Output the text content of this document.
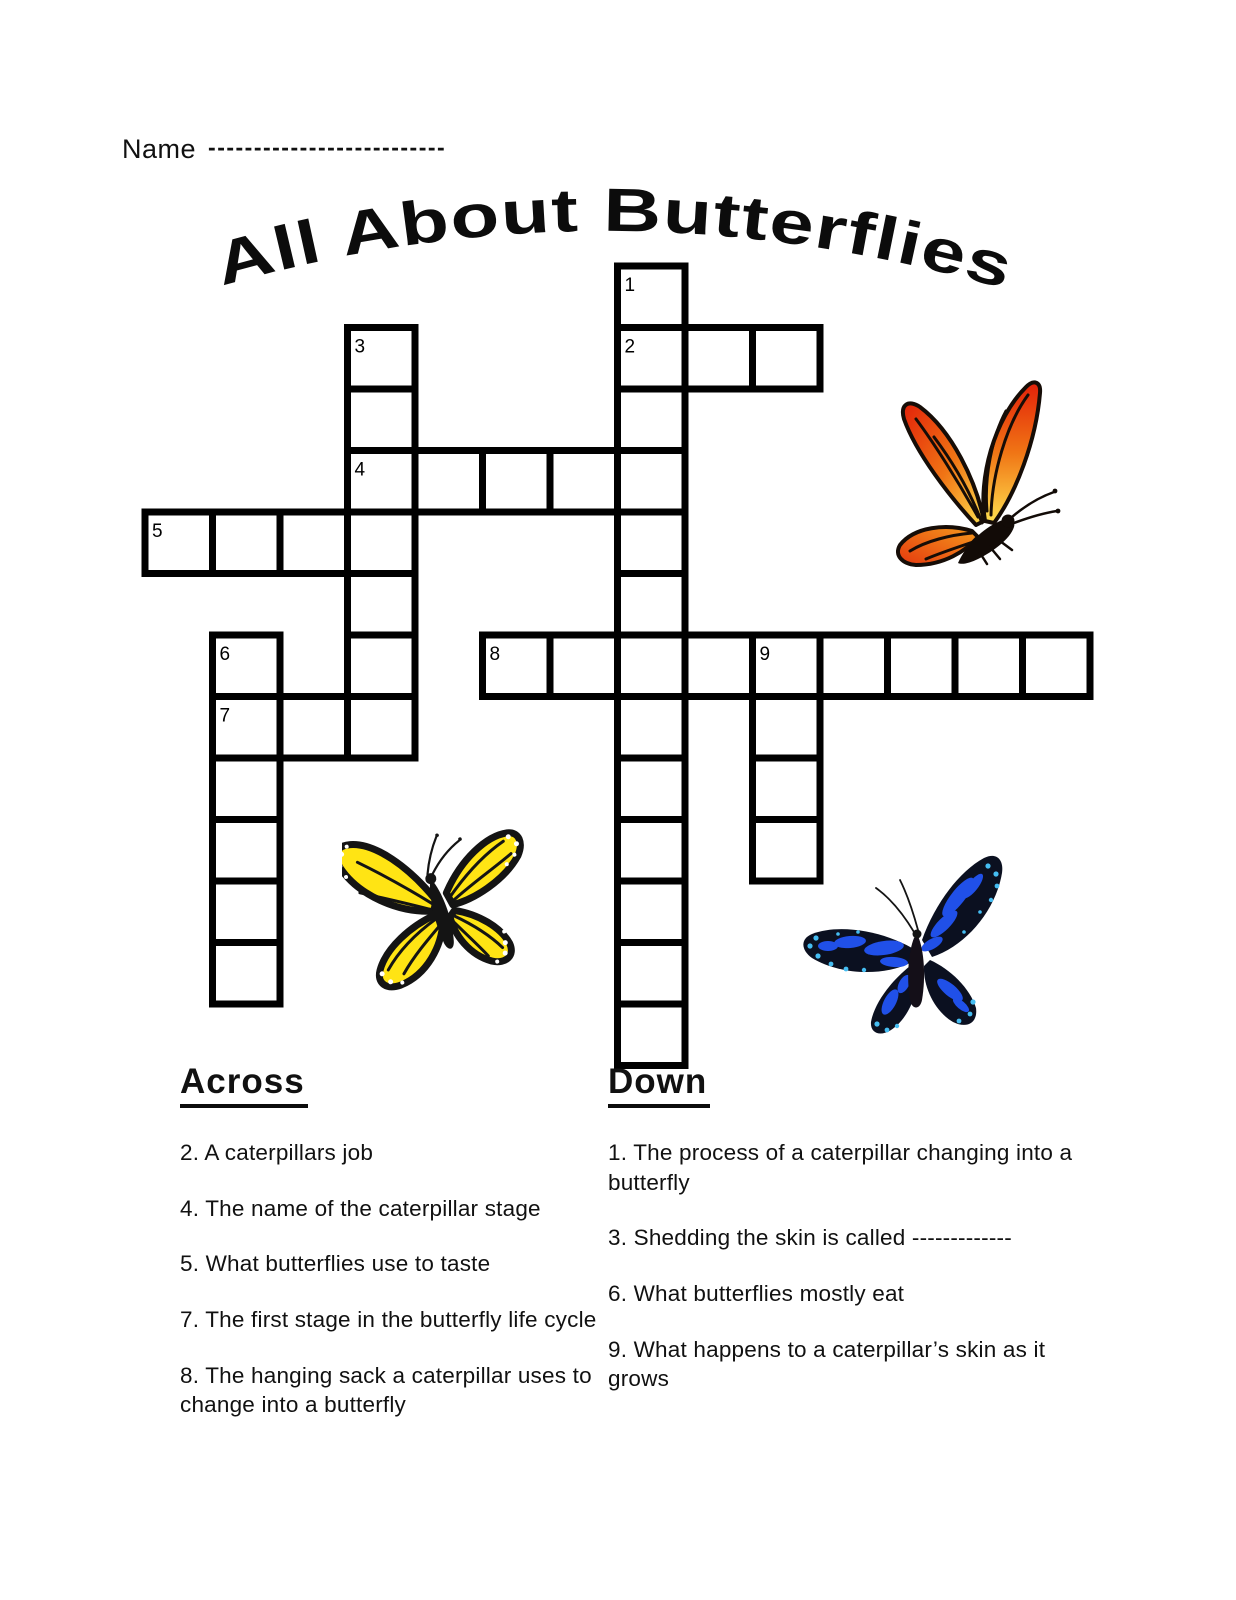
Name --------------------------
All About Butterflies
1
2
3
4
5
6
7
8	9
Across
2. A caterpillars job
4. The name of the caterpillar stage
5. What butterflies use to taste
7. The first stage in the butterfly life cycle
8. The hanging sack a caterpillar uses to change into a butterfly
Down
1. The process of a caterpillar changing into a butterfly
3. Shedding the skin is called -------------
6. What butterflies mostly eat
9. What happens to a caterpillar’s skin as it grows
